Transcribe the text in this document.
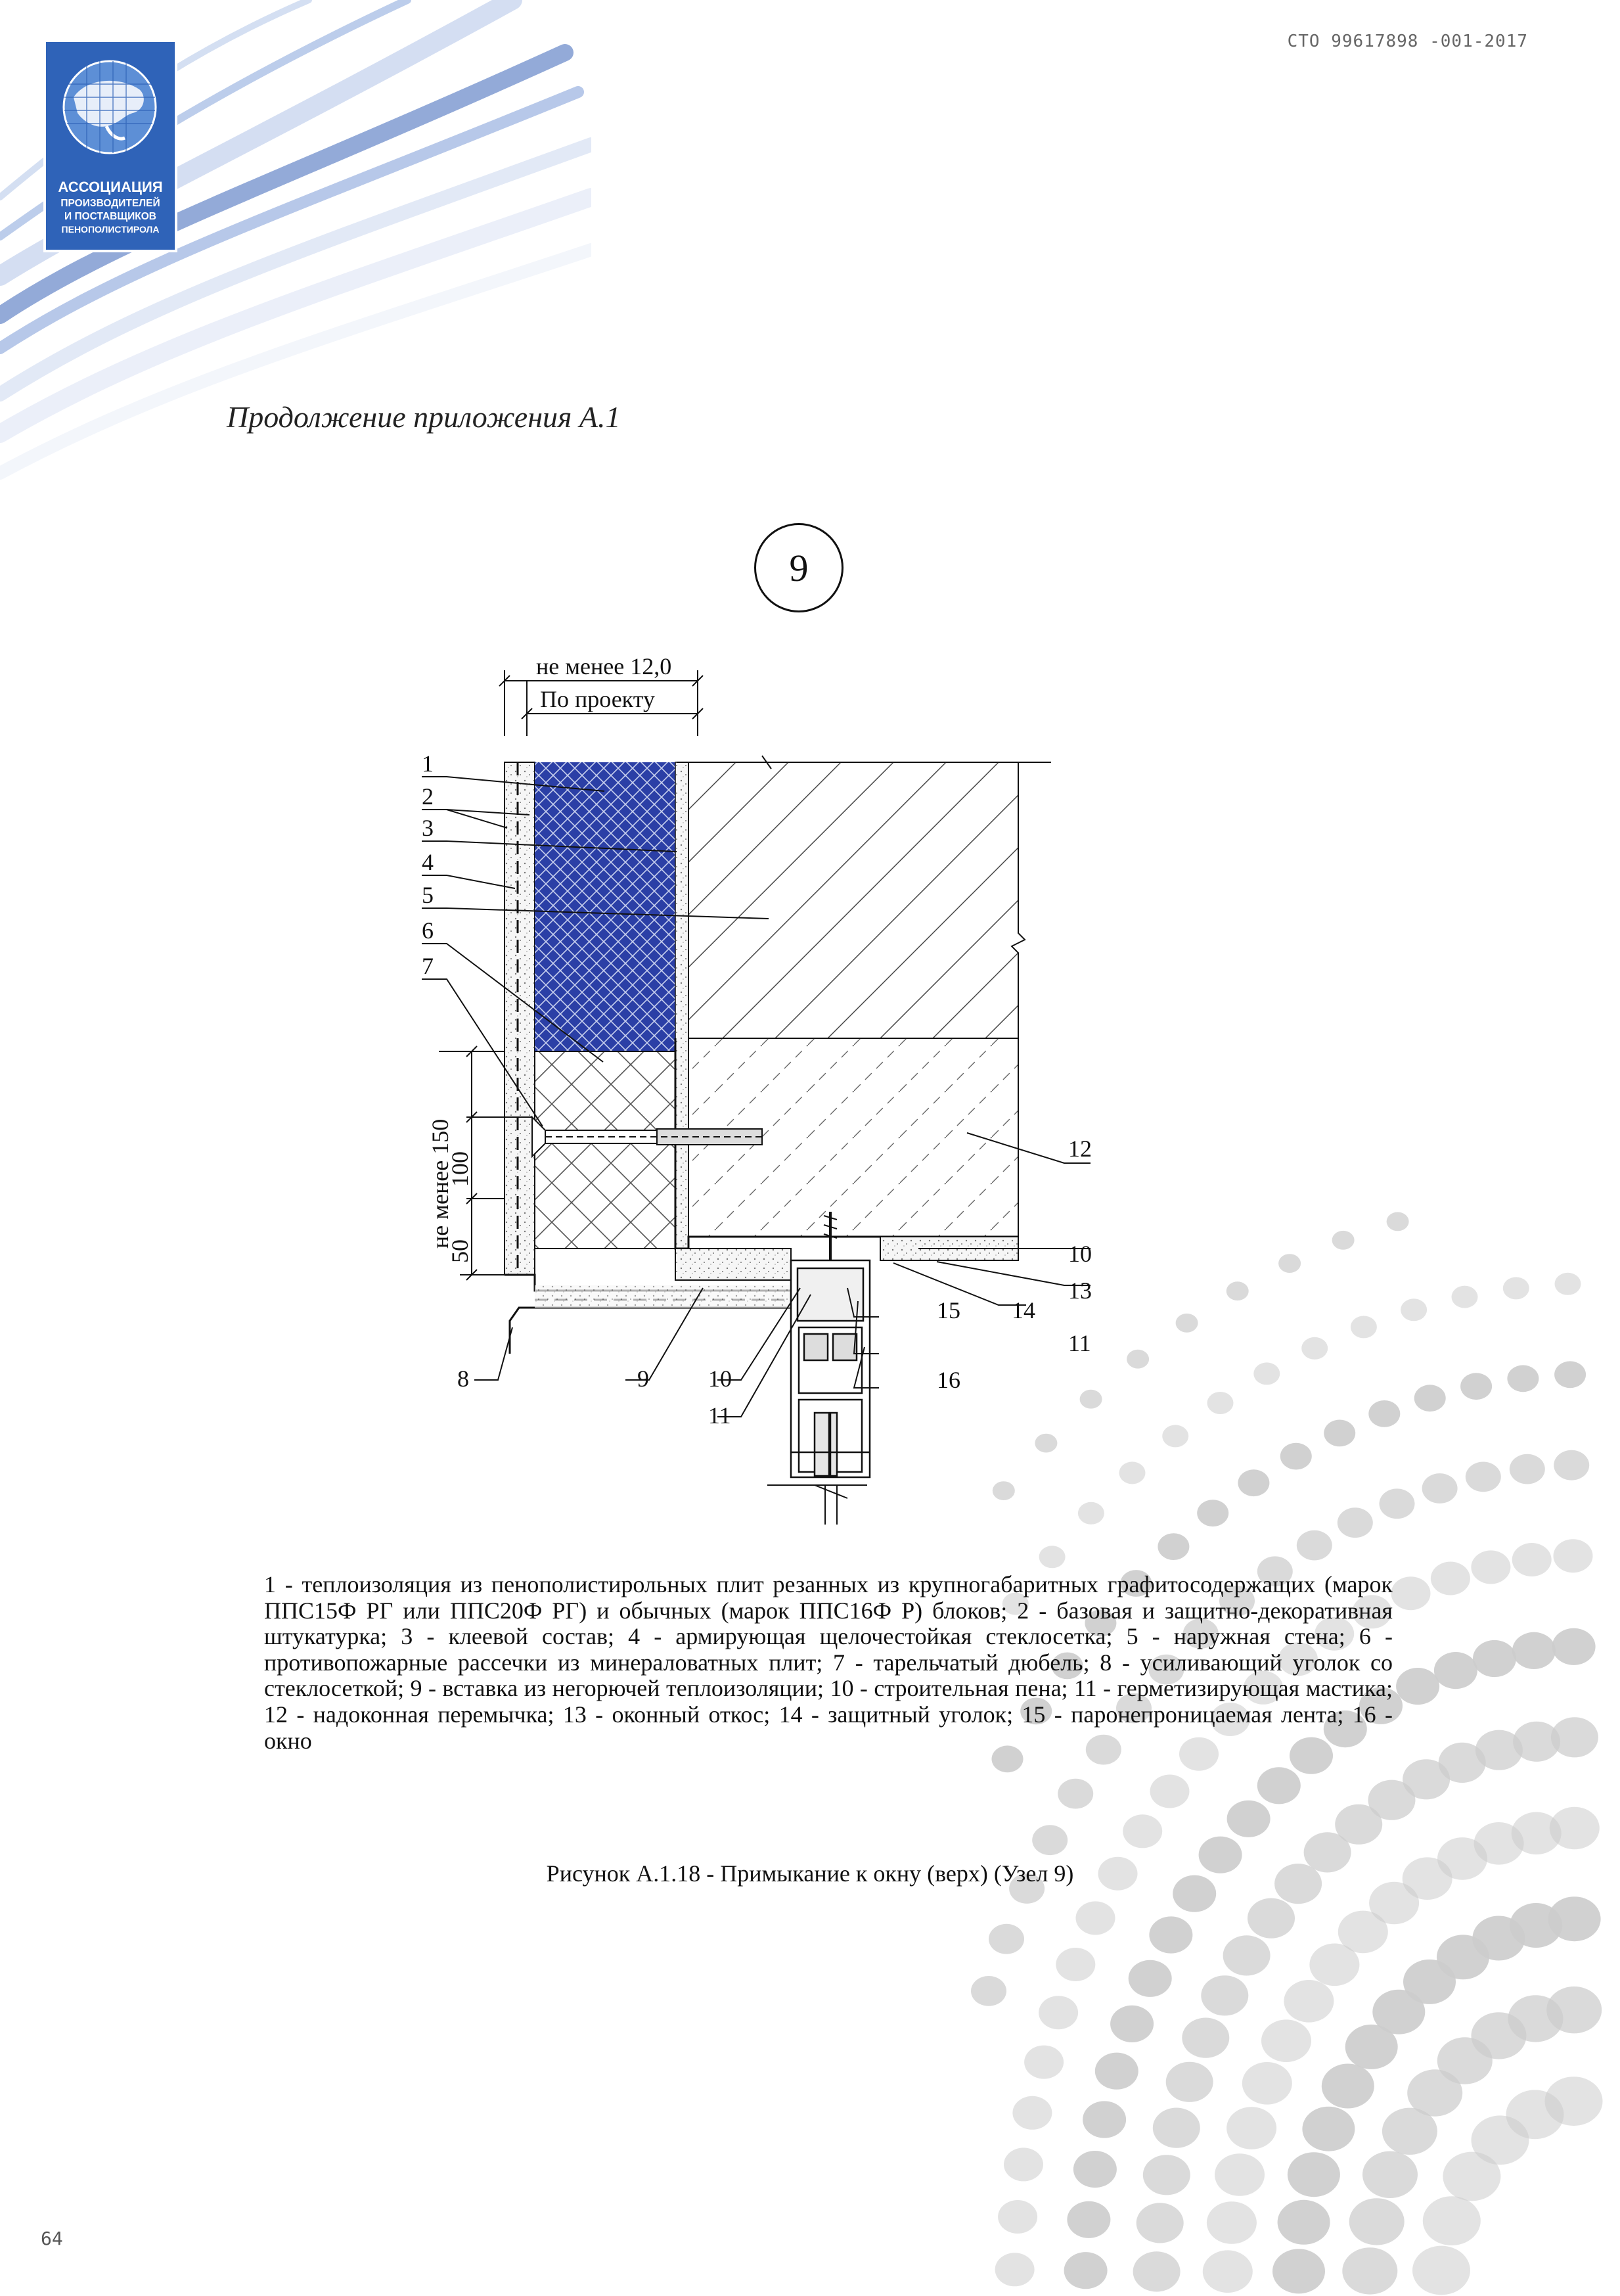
АССОЦИАЦИЯ
ПРОИЗВОДИТЕЛЕЙ
И ПОСТАВЩИКОВ
ПЕНОПОЛИСТИРОЛА
СТО 99617898 -001-2017
Продолжение приложения А.1
9
не менее 12,0
По проекту
не менее 150
100
50
1
2
3
4
5
6
7
8	9	10
11
10
11
12
13
14
15
16
1 - теплоизоляция из пенополистирольных плит резанных из крупногабаритных графитосодержащих (марок ППС15Ф РГ или ППС20Ф РГ) и обычных (марок ППС16Ф Р) блоков; 2 - базовая и защитно-декоративная штукатурка; 3 - клеевой состав; 4 - армирующая щелочестойкая стеклосетка; 5 - наружная стена; 6 - противопожарные рассечки из минераловатных плит; 7 - тарельчатый дюбель; 8 - усиливающий уголок со стеклосеткой; 9 - вставка из негорючей теплоизоляции; 10 - строительная пена; 11 - герметизирующая мастика; 12 - надоконная перемычка; 13 - оконный откос; 14 - защитный уголок; 15 - паронепроницаемая лента; 16 - окно
Рисунок А.1.18 - Примыкание к окну (верх) (Узел 9)
64
